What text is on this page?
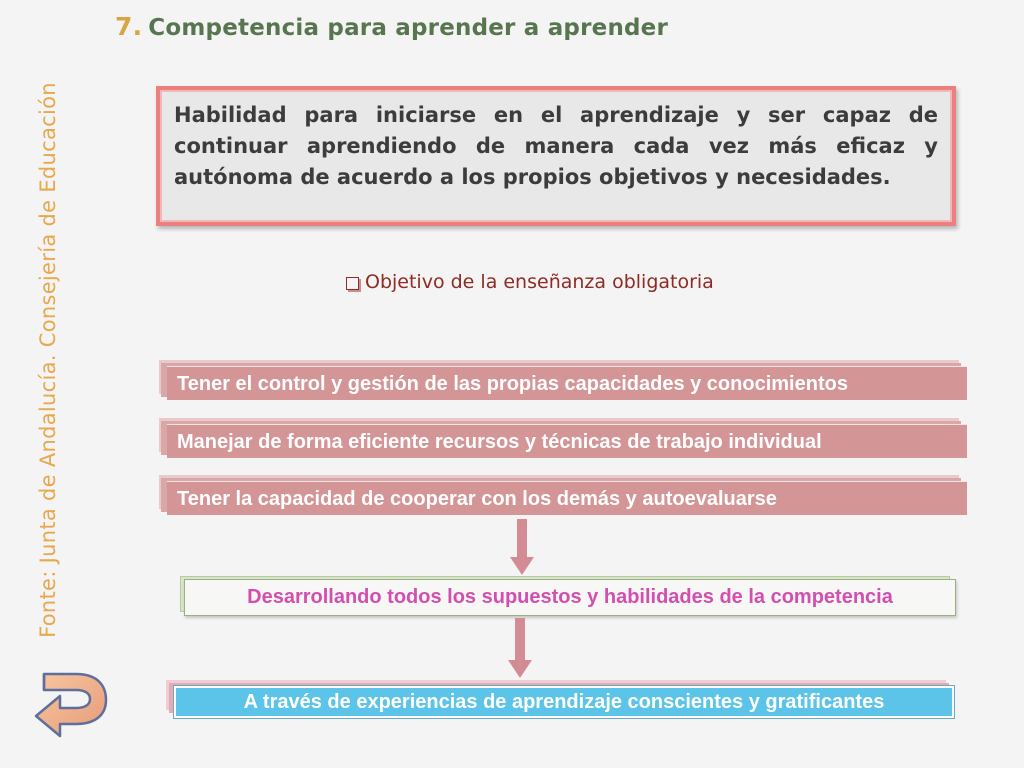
7. Competencia para aprender a aprender
Fonte: Junta de Andalucía. Consejería de Educación	Habilidad para iniciarse en el aprendizaje y ser capaz de continuar aprendiendo de manera cada vez más eficaz y autónoma de acuerdo a los propios objetivos y necesidades.

Objetivo de la enseñanza obligatoria
Tener el control y gestión de las propias capacidades y conocimientos
Manejar de forma eficiente recursos y técnicas de trabajo individual
Tener la capacidad de cooperar con los demás y autoevaluarse
Desarrollando todos los supuestos y habilidades de la competencia
A través de experiencias de aprendizaje conscientes y gratificantes
